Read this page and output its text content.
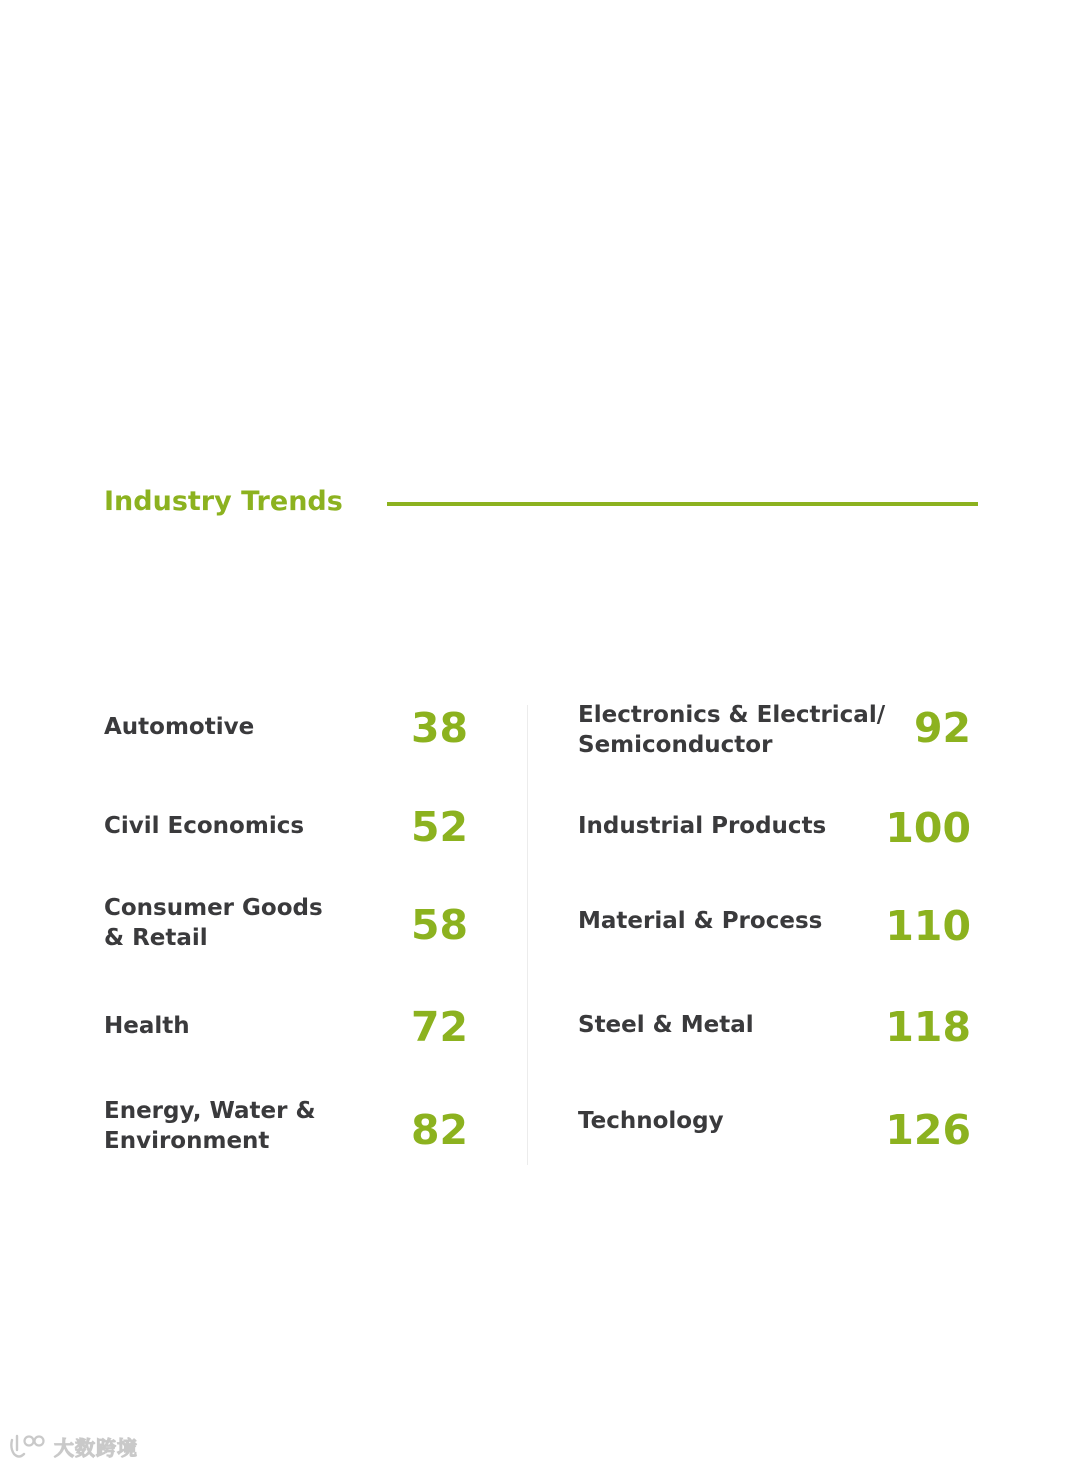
Industry Trends
Automotive	38
Civil Economics	52
Consumer Goods
& Retail	58
Health	72
Energy, Water &
Environment	82
Electronics & Electrical/
Semiconductor	92
Industrial Products 100
Material & Process 110
Steel & Metal	118
Technology	126
大数跨境
